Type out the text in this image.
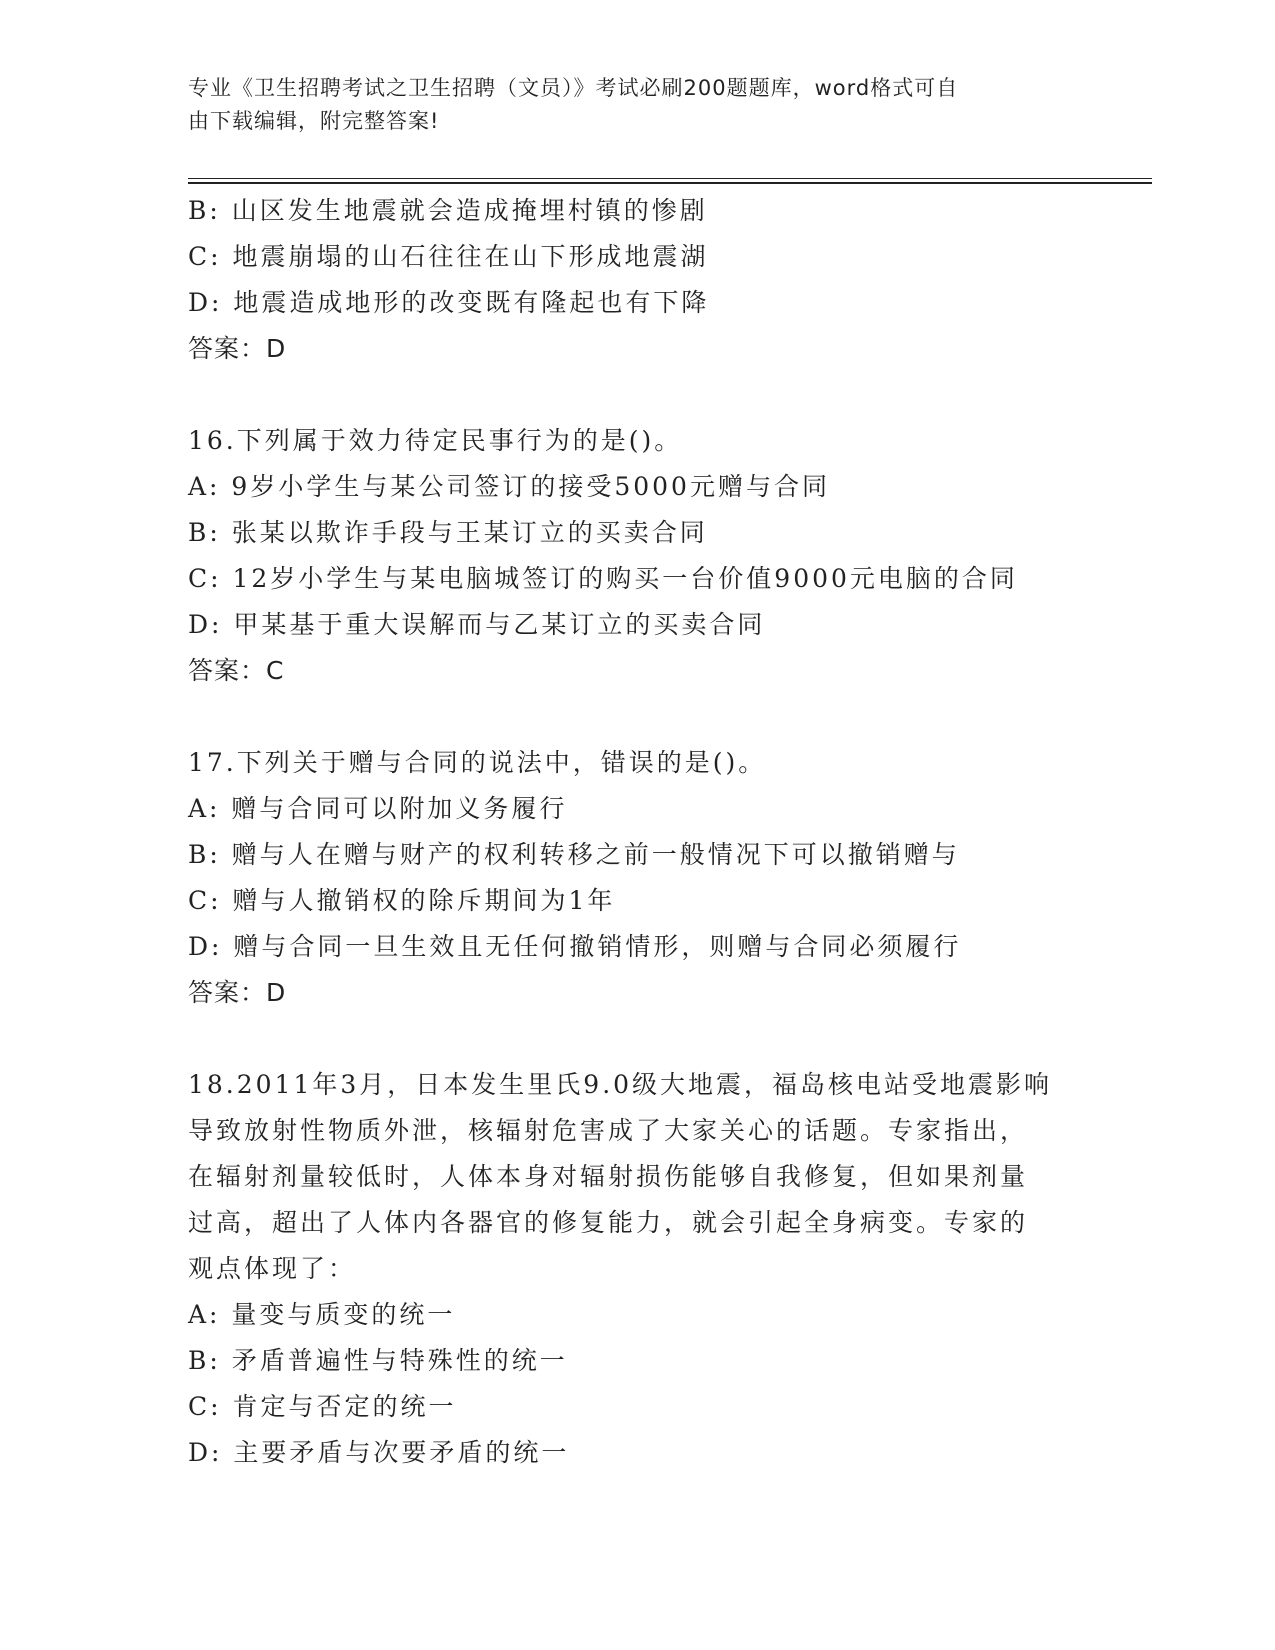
专业《卫生招聘考试之卫生招聘（文员）》考试必刷200题题库，word格式可自
由下载编辑，附完整答案!
B: 山区发生地震就会造成掩埋村镇的惨剧
C: 地震崩塌的山石往往在山下形成地震湖
D: 地震造成地形的改变既有隆起也有下降
答案：D
16.下列属于效力待定民事行为的是()。
A: 9岁小学生与某公司签订的接受5000元赠与合同
B: 张某以欺诈手段与王某订立的买卖合同
C: 12岁小学生与某电脑城签订的购买一台价值9000元电脑的合同
D: 甲某基于重大误解而与乙某订立的买卖合同
答案：C
17.下列关于赠与合同的说法中，错误的是()。
A: 赠与合同可以附加义务履行
B: 赠与人在赠与财产的权利转移之前一般情况下可以撤销赠与
C: 赠与人撤销权的除斥期间为1年
D: 赠与合同一旦生效且无任何撤销情形，则赠与合同必须履行
答案：D
18.2011年3月，日本发生里氏9.0级大地震，福岛核电站受地震影响
导致放射性物质外泄，核辐射危害成了大家关心的话题。专家指出，
在辐射剂量较低时，人体本身对辐射损伤能够自我修复，但如果剂量
过高，超出了人体内各器官的修复能力，就会引起全身病变。专家的
观点体现了：
A: 量变与质变的统一
B: 矛盾普遍性与特殊性的统一
C: 肯定与否定的统一
D: 主要矛盾与次要矛盾的统一
